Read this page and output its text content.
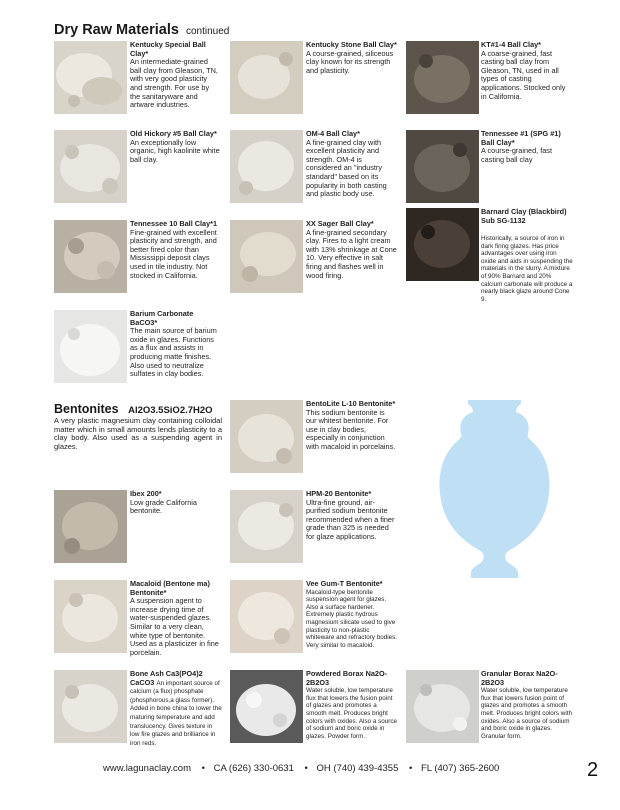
Dry Raw Materials continued
Kentucky Special Ball Clay*
An intermediate-grained ball clay from Gleason, TN, with very good plasticity and strength. For use by the sanitaryware and artware industries.
Old Hickory #5 Ball Clay*
An exceptionally low organic, high kaolinite white ball clay.
Tennessee 10 Ball Clay*1 Fine-grained with excellent plasticity and strength, and better fired color than Mississippi deposit clays used in tile industry. Not stocked in California.
Barium Carbonate BaCO3*
The main source of barium oxide in glazes. Functions as a flux and assists in producing matte finishes. Also used to neutralize sulfates in clay bodies.
Kentucky Stone Ball Clay*
A course-grained, siliceous clay known for its strength and plasticity.
OM-4 Ball Clay*
A fine-grained clay with excellent plasticity and strength. OM-4 is considered an "industry standard" based on its popularity in both casting and plastic body use.
XX Sager Ball Clay*
A fine-grained secondary clay. Fires to a light cream with 13% shrinkage at Cone 10. Very effective in salt firing and flashes well in wood firing.
KT#1-4 Ball Clay*
A coarse-grained, fast casting ball clay from Gleason, TN, used in all types of casting applications. Stocked only in California.
Tennessee #1 (SPG #1) Ball Clay*
A course-grained, fast casting ball clay
Barnard Clay (Blackbird) Sub SG-1132
Historically, a source of iron in dark firing glazes. Has price advantages over using iron oxide and aids in suspending the materials in the slurry. A mixture of 90% Barnard and 20% calcium carbonate will produce a nearly black glaze around Cone 9.
Bentonites Al2O3.5SiO2.7H2O
A very plastic magnesium clay containing colloidal matter which in small amounts lends plasticity to a clay body. Also used as a suspending agent in glazes.
BentoLite L-10 Bentonite*
This sodium bentonite is our whitest bentonite. For use in clay bodies, especially in conjunction with macaloid in porcelains.
Ibex 200*
Low grade California bentonite.
HPM-20 Bentonite*
Ultra-fine ground, air-purified sodium bentonite recommended when a finer grade than 325 is needed for glaze applications.
Macaloid (Bentone ma) Bentonite*
A suspension agent to increase drying time of water-suspended glazes. Similar to a very clean, white type of bentonite. Used as a plasticizer in fine porcelain.
Vee Gum-T Bentonite*
Macaloid-type bentonite suspension agent for glazes. Also a surface hardener. Extremely plastic hydrous magnesium silicate used to give plasticity to non-plastic whiteware and refractory bodies. Very similar to macaloid.
Bone Ash Ca3(PO4)2 CaCO3 An important source of calcium (a flux) phosphate (phosphorous,a glass former). Added in bone china to lower the maturing temperature and add translucency. Gives texture in low fire glazes and brilliance in iron reds.
Powdered Borax Na2O-2B2O3
Water soluble, low temperature flux that lowers the fusion point of glazes and promotes a smooth melt. Produces bright colors with oxides. Also a source of sodium and boric oxide in glazes. Powder form.
Granular Borax Na2O-2B2O3
Water soluble, low temperature flux that lowers fusion point of glazes and promotes a smooth melt. Produces bright colors with oxides. Also a source of sodium and boric oxide in glazes. Granular form.
www.lagunaclay.com • CA (626) 330-0631 • OH (740) 439-4355 • FL (407) 365-2600	2
